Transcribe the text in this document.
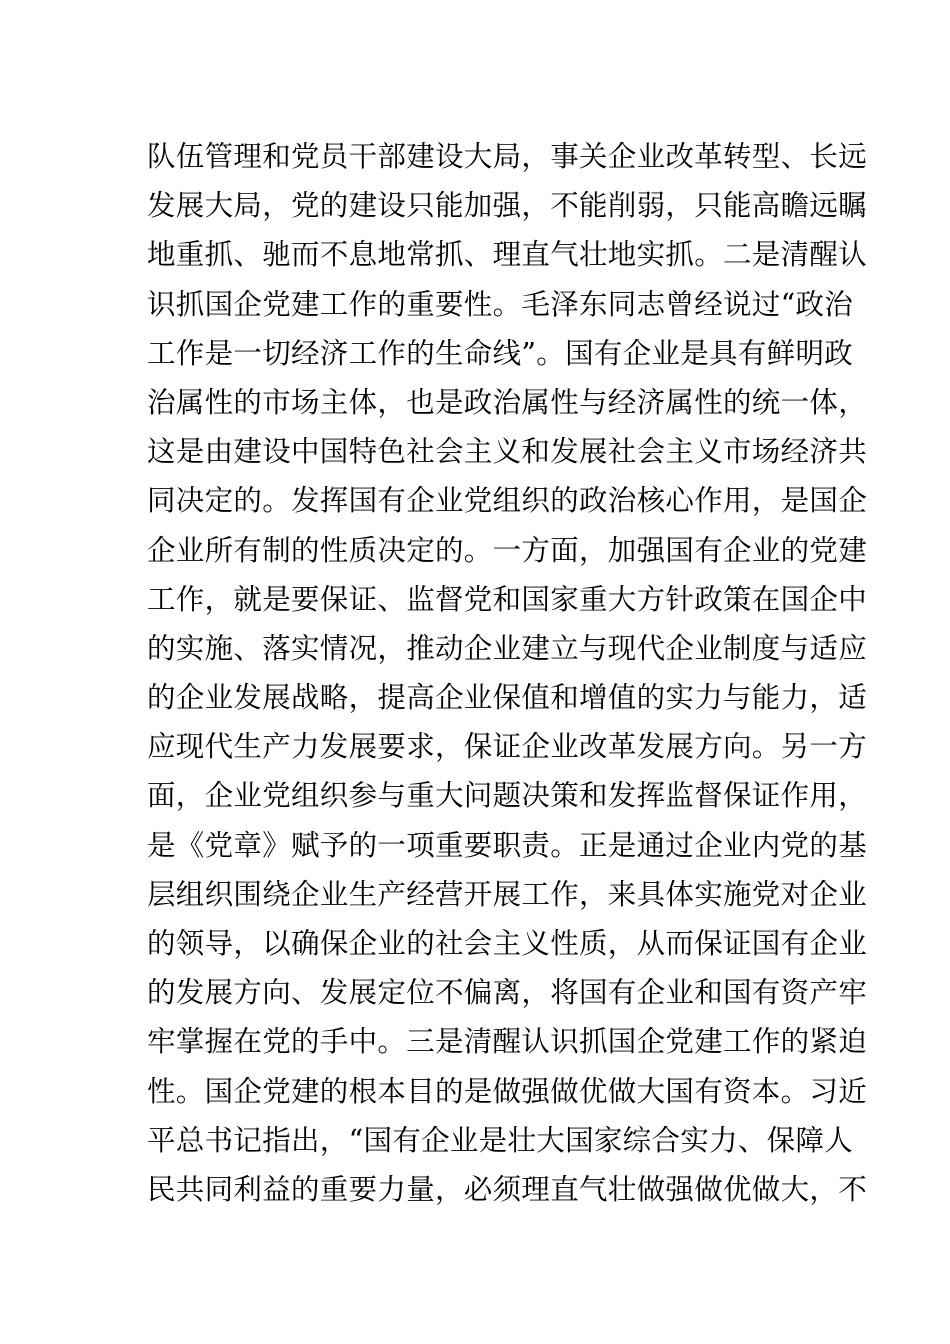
队伍管理和党员干部建设大局，事关企业改革转型、长远
发展大局，党的建设只能加强，不能削弱，只能高瞻远瞩
地重抓、驰而不息地常抓、理直气壮地实抓。二是清醒认
识抓国企党建工作的重要性。毛泽东同志曾经说过“政治
工作是一切经济工作的生命线”。国有企业是具有鲜明政
治属性的市场主体，也是政治属性与经济属性的统一体，
这是由建设中国特色社会主义和发展社会主义市场经济共
同决定的。发挥国有企业党组织的政治核心作用，是国企
企业所有制的性质决定的。一方面，加强国有企业的党建
工作，就是要保证、监督党和国家重大方针政策在国企中
的实施、落实情况，推动企业建立与现代企业制度与适应
的企业发展战略，提高企业保值和增值的实力与能力，适
应现代生产力发展要求，保证企业改革发展方向。另一方
面，企业党组织参与重大问题决策和发挥监督保证作用，
是《党章》赋予的一项重要职责。正是通过企业内党的基
层组织围绕企业生产经营开展工作，来具体实施党对企业
的领导，以确保企业的社会主义性质，从而保证国有企业
的发展方向、发展定位不偏离，将国有企业和国有资产牢
牢掌握在党的手中。三是清醒认识抓国企党建工作的紧迫
性。国企党建的根本目的是做强做优做大国有资本。习近
平总书记指出，“国有企业是壮大国家综合实力、保障人
民共同利益的重要力量，必须理直气壮做强做优做大，不
